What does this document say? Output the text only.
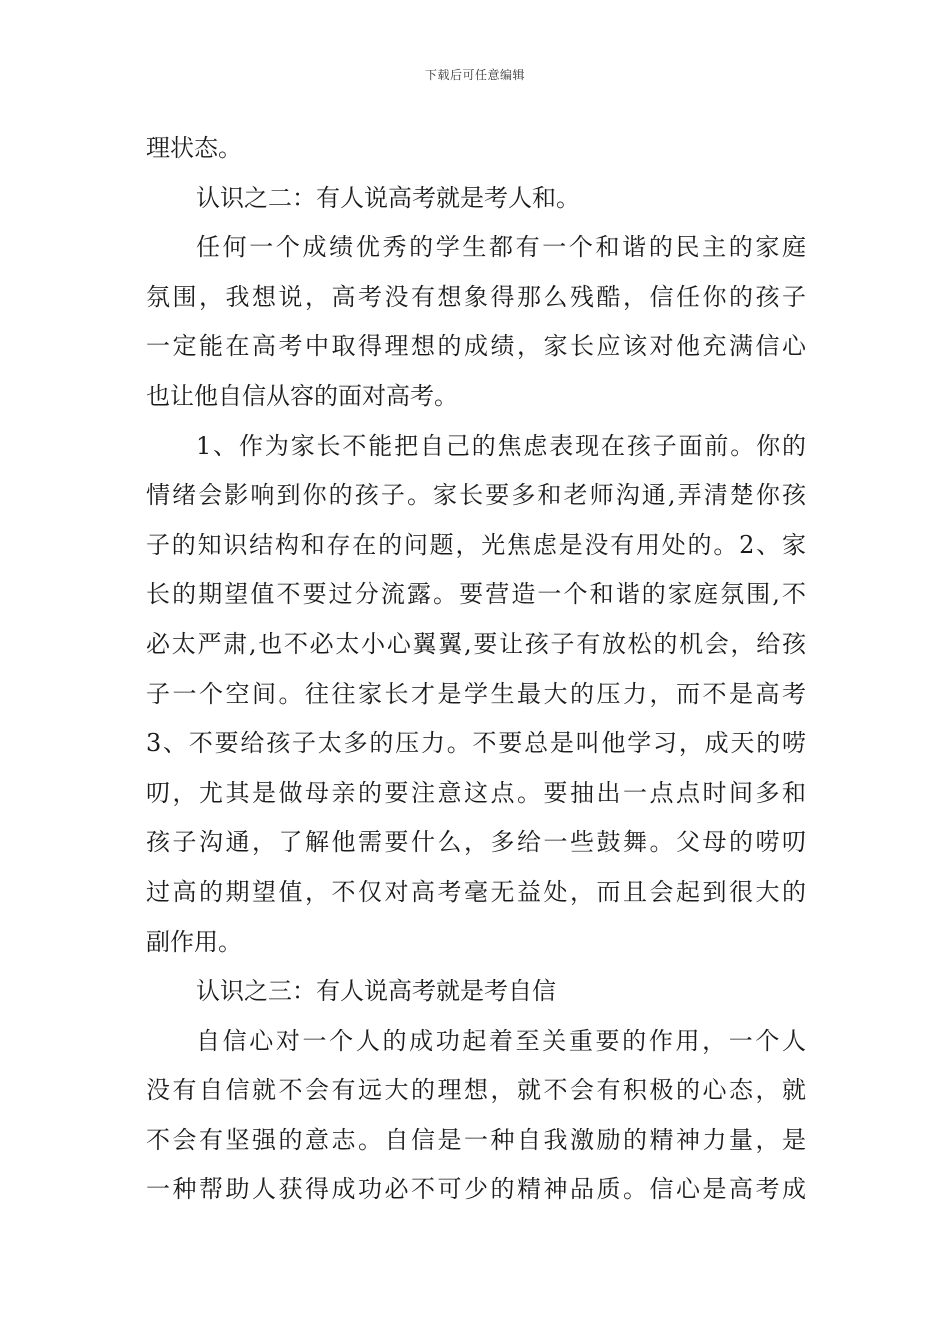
下载后可任意编辑
理状态。
认识之二：有人说高考就是考人和。
任何一个成绩优秀的学生都有一个和谐的民主的家庭
氛围，我想说，高考没有想象得那么残酷，信任你的孩子
一定能在高考中取得理想的成绩，家长应该对他充满信心
也让他自信从容的面对高考。
1、作为家长不能把自己的焦虑表现在孩子面前。你的
情绪会影响到你的孩子。家长要多和老师沟通,弄清楚你孩
子的知识结构和存在的问题，光焦虑是没有用处的。2、家
长的期望值不要过分流露。要营造一个和谐的家庭氛围,不
必太严肃,也不必太小心翼翼,要让孩子有放松的机会，给孩
子一个空间。往往家长才是学生最大的压力，而不是高考
3、不要给孩子太多的压力。不要总是叫他学习，成天的唠
叨，尤其是做母亲的要注意这点。要抽出一点点时间多和
孩子沟通，了解他需要什么，多给一些鼓舞。父母的唠叨
过高的期望值，不仅对高考毫无益处，而且会起到很大的
副作用。
认识之三：有人说高考就是考自信
自信心对一个人的成功起着至关重要的作用，一个人
没有自信就不会有远大的理想，就不会有积极的心态，就
不会有坚强的意志。自信是一种自我激励的精神力量，是
一种帮助人获得成功必不可少的精神品质。信心是高考成
